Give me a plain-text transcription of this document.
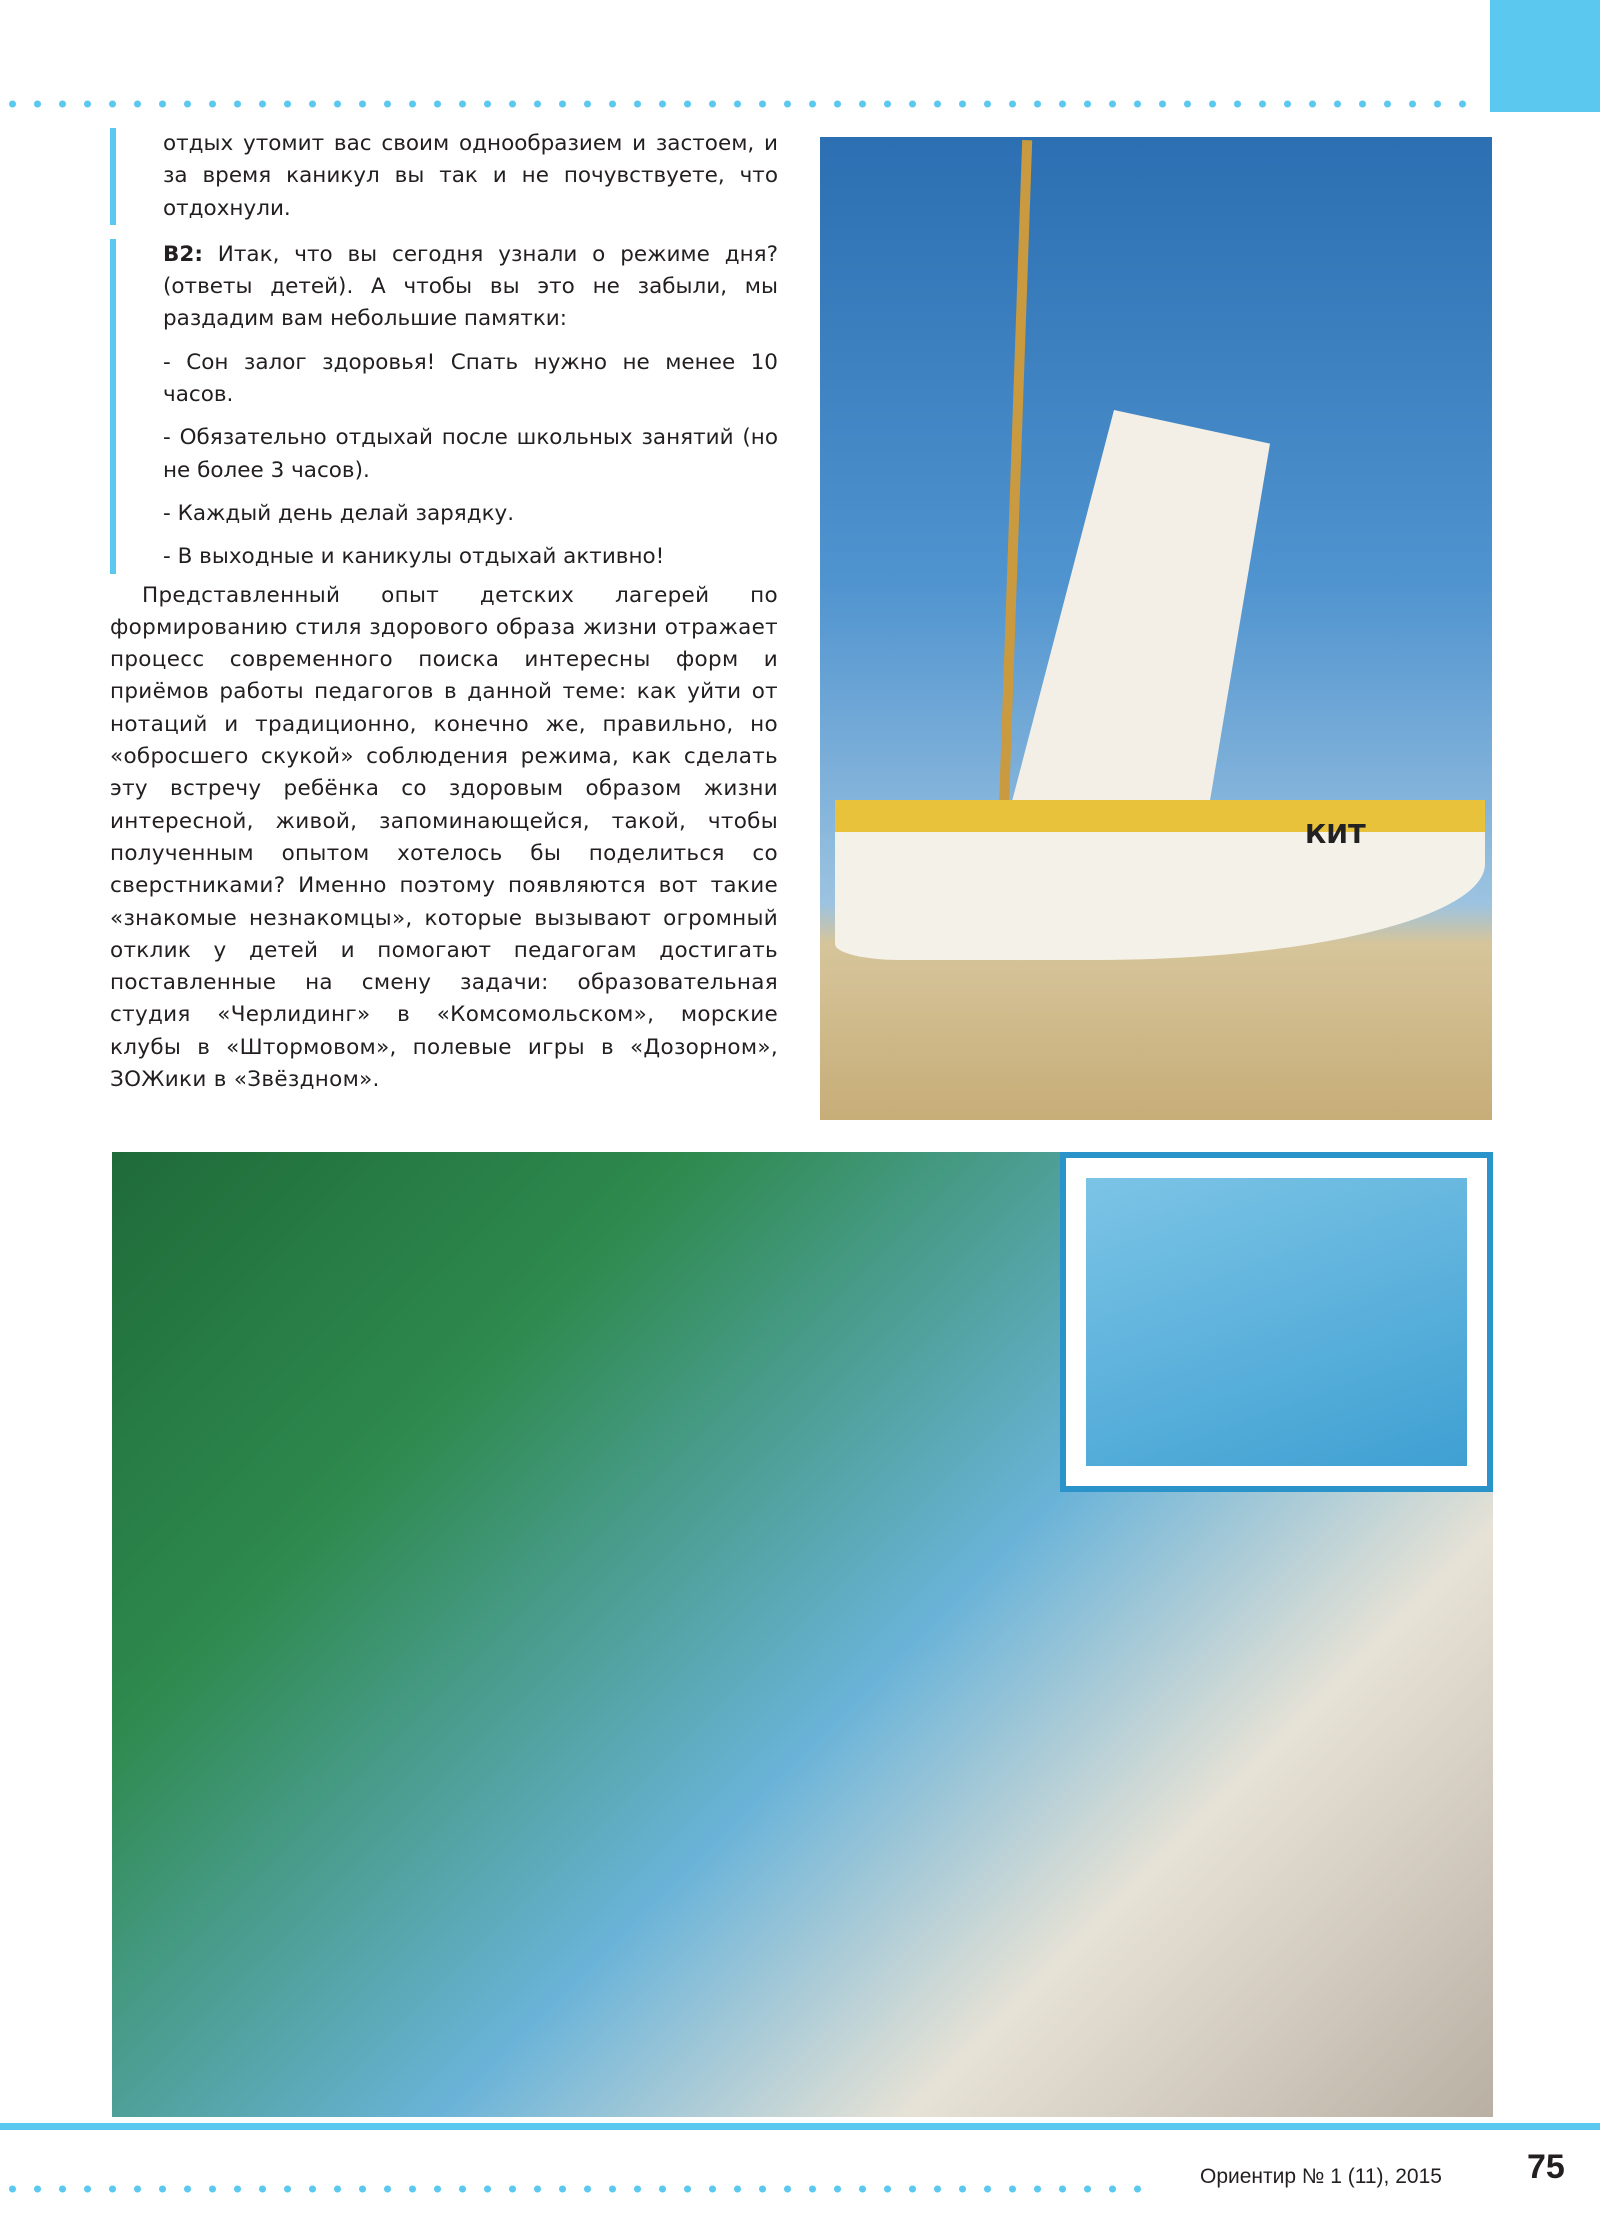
отдых утомит вас своим однообразием и застоем, и за время каникул вы так и не почувствуете, что отдохнули.

В2: Итак, что вы сегодня узнали о режиме дня? (ответы детей). А чтобы вы это не забыли, мы раздадим вам небольшие памятки:

- Сон залог здоровья! Спать нужно не менее 10 часов.

- Обязательно отдыхай после школьных занятий (но не более 3 часов).

- Каждый день делай зарядку.

- В выходные и каникулы отдыхай активно!

Представленный опыт детских лагерей по формированию стиля здорового образа жизни отражает процесс современного поиска интересны форм и приёмов работы педагогов в данной теме: как уйти от нотаций и традиционно, конечно же, правильно, но «обросшего скукой» соблюдения режима, как сделать эту встречу ребёнка со здоровым образом жизни интересной, живой, запоминающейся, такой, чтобы полученным опытом хотелось бы поделиться со сверстниками? Именно поэтому появляются вот такие «знакомые незнакомцы», которые вызывают огромный отклик у детей и помогают педагогам достигать поставленные на смену задачи: образовательная студия «Черлидинг» в «Комсомольском», морские клубы в «Штормовом», полевые игры в «Дозорном», ЗОЖики в «Звёздном».

КИТ
Ориентир № 1 (11), 2015	75
